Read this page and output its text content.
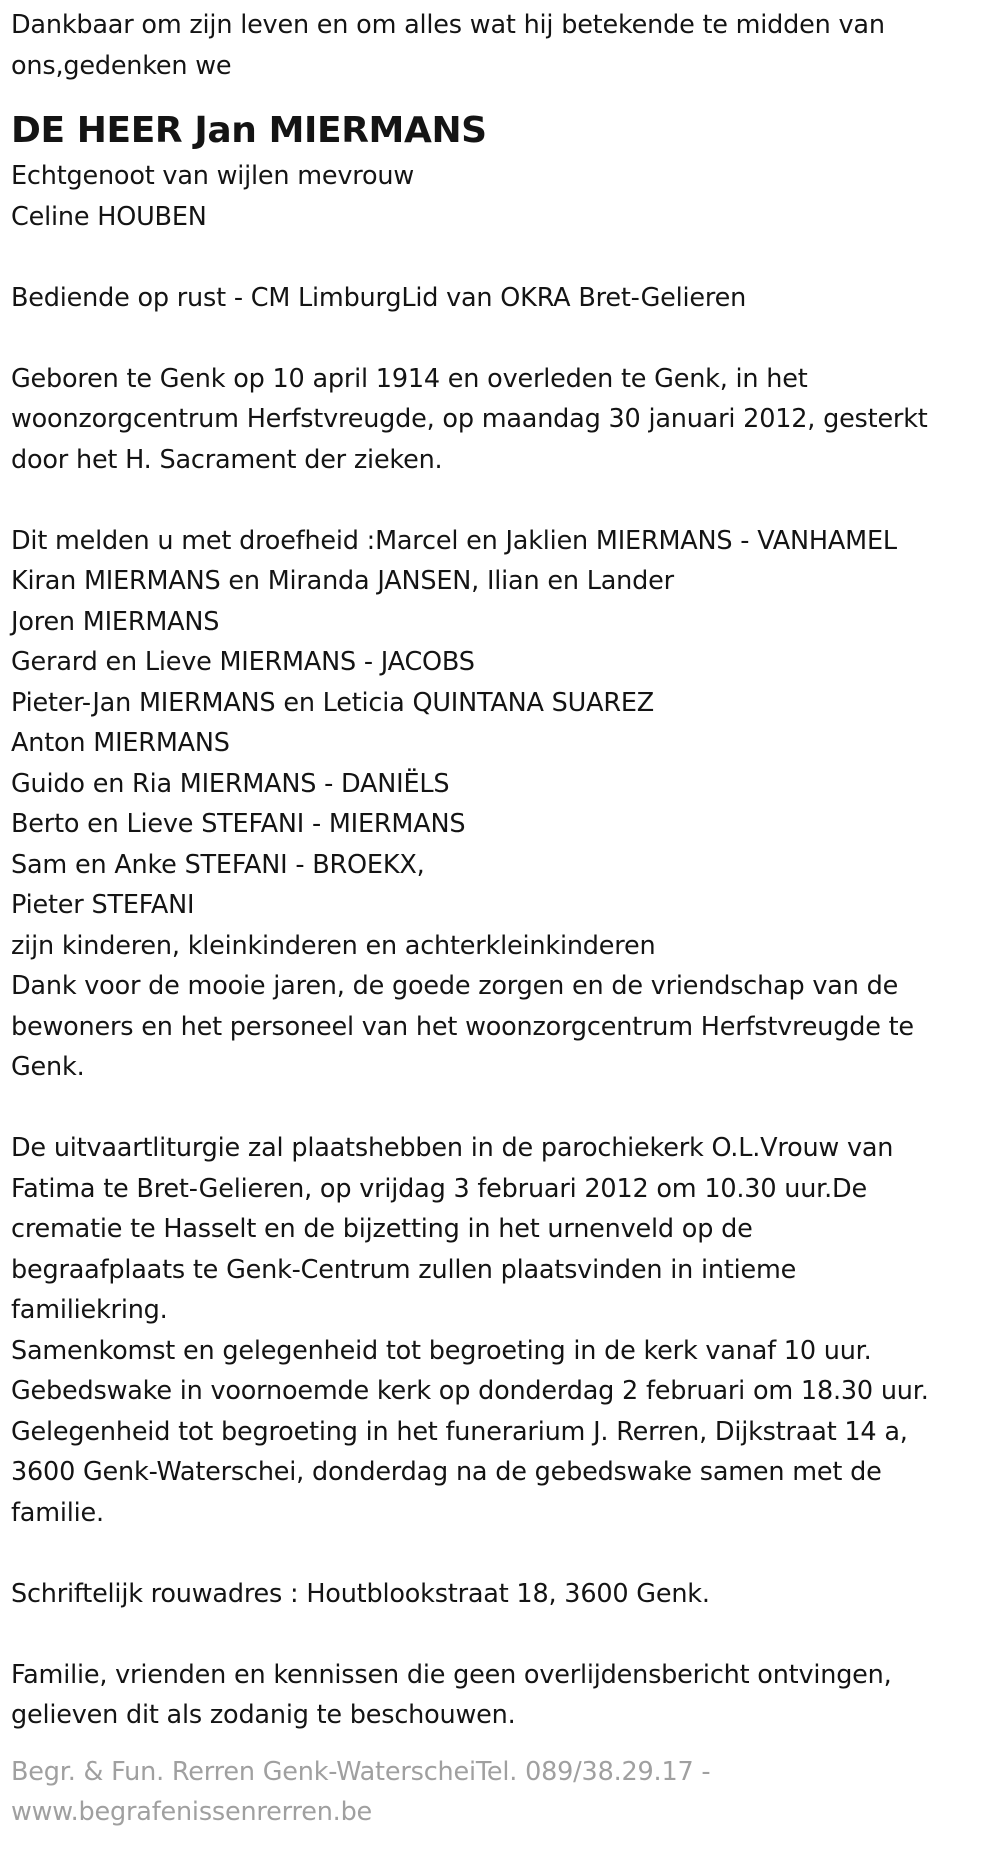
Dankbaar om zijn leven en om alles wat hij betekende te midden van
ons,gedenken we
DE HEER Jan MIERMANS
Echtgenoot van wijlen mevrouw
Celine HOUBEN
Bediende op rust - CM LimburgLid van OKRA Bret-Gelieren
Geboren te Genk op 10 april 1914 en overleden te Genk, in het
woonzorgcentrum Herfstvreugde, op maandag 30 januari 2012, gesterkt
door het H. Sacrament der zieken.
Dit melden u met droefheid :Marcel en Jaklien MIERMANS - VANHAMEL
Kiran MIERMANS en Miranda JANSEN, Ilian en Lander
Joren MIERMANS
Gerard en Lieve MIERMANS - JACOBS
Pieter-Jan MIERMANS en Leticia QUINTANA SUAREZ
Anton MIERMANS
Guido en Ria MIERMANS - DANIËLS
Berto en Lieve STEFANI - MIERMANS
Sam en Anke STEFANI - BROEKX,
Pieter STEFANI
zijn kinderen, kleinkinderen en achterkleinkinderen
Dank voor de mooie jaren, de goede zorgen en de vriendschap van de
bewoners en het personeel van het woonzorgcentrum Herfstvreugde te
Genk.
De uitvaartliturgie zal plaatshebben in de parochiekerk O.L.Vrouw van
Fatima te Bret-Gelieren, op vrijdag 3 februari 2012 om 10.30 uur.De
crematie te Hasselt en de bijzetting in het urnenveld op de
begraafplaats te Genk-Centrum zullen plaatsvinden in intieme
familiekring.
Samenkomst en gelegenheid tot begroeting in de kerk vanaf 10 uur.
Gebedswake in voornoemde kerk op donderdag 2 februari om 18.30 uur.
Gelegenheid tot begroeting in het funerarium J. Rerren, Dijkstraat 14 a,
3600 Genk-Waterschei, donderdag na de gebedswake samen met de
familie.
Schriftelijk rouwadres : Houtblookstraat 18, 3600 Genk.
Familie, vrienden en kennissen die geen overlijdensbericht ontvingen,
gelieven dit als zodanig te beschouwen.
Begr. & Fun. Rerren Genk-WaterscheiTel. 089/38.29.17 -
www.begrafenissenrerren.be
